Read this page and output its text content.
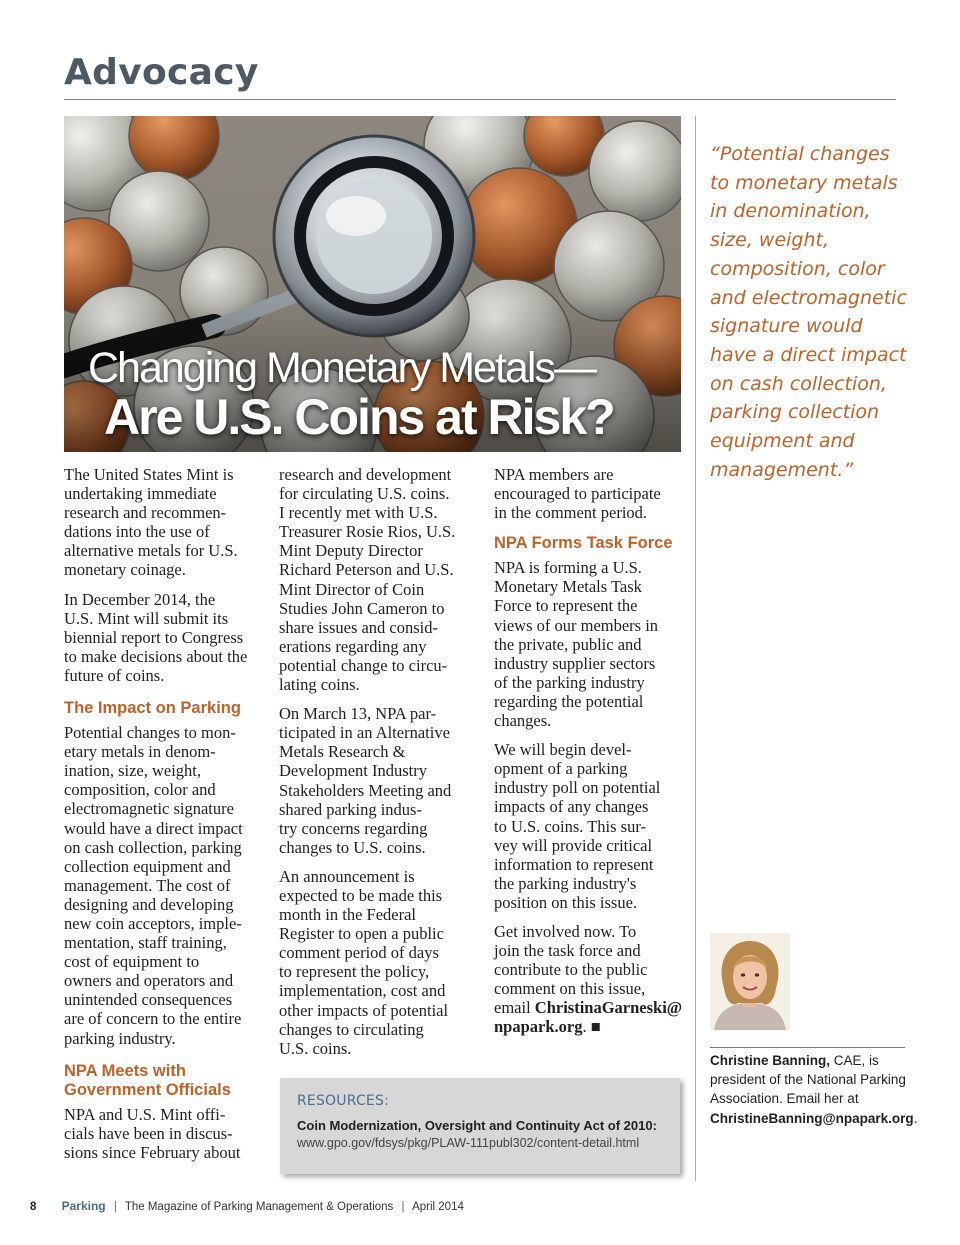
Advocacy

Changing Monetary Metals—

Are U.S. Coins at Risk?

The United States Mint is
undertaking immediate
research and recommen-
dations into the use of
alternative metals for U.S.
monetary coinage.

In December 2014, the
U.S. Mint will submit its
biennial report to Congress
to make decisions about the
future of coins.

The Impact on Parking

Potential changes to mon-
etary metals in denom-
ination, size, weight,
composition, color and
electromagnetic signature
would have a direct impact
on cash collection, parking
collection equipment and
management. The cost of
designing and developing
new coin acceptors, imple-
mentation, staff training,
cost of equipment to
owners and operators and
unintended consequences
are of concern to the entire
parking industry.

NPA Meets with
Government Officials

NPA and U.S. Mint offi-
cials have been in discus-
sions since February about

research and development
for circulating U.S. coins.
I recently met with U.S.
Treasurer Rosie Rios, U.S.
Mint Deputy Director
Richard Peterson and U.S.
Mint Director of Coin
Studies John Cameron to
share issues and consid-
erations regarding any
potential change to circu-
lating coins.

On March 13, NPA par-
ticipated in an Alternative
Metals Research &
Development Industry
Stakeholders Meeting and
shared parking indus-
try concerns regarding
changes to U.S. coins.

An announcement is
expected to be made this
month in the Federal
Register to open a public
comment period of days
to represent the policy,
implementation, cost and
other impacts of potential
changes to circulating
U.S. coins.

NPA members are
encouraged to participate
in the comment period.

NPA Forms Task Force

NPA is forming a U.S.
Monetary Metals Task
Force to represent the
views of our members in
the private, public and
industry supplier sectors
of the parking industry
regarding the potential
changes.

We will begin devel-
opment of a parking
industry poll on potential
impacts of any changes
to U.S. coins. This sur-
vey will provide critical
information to represent
the parking industry's
position on this issue.

Get involved now. To
join the task force and
contribute to the public
comment on this issue,
email ChristinaGarneski@
npapark.org. ■

RESOURCES:
Coin Modernization, Oversight and Continuity Act of 2010:
www.gpo.gov/fdsys/pkg/PLAW-111publ302/content-detail.html

“Potential changes
to monetary metals
in denomination,
size, weight,
composition, color
and electromagnetic
signature would
have a direct impact
on cash collection,
parking collection
equipment and
management.”

Christine Banning, CAE, is president of the National Parking Association. Email her at ChristineBanning@npapark.org.
8 Parking | The Magazine of Parking Management & Operations | April 2014
